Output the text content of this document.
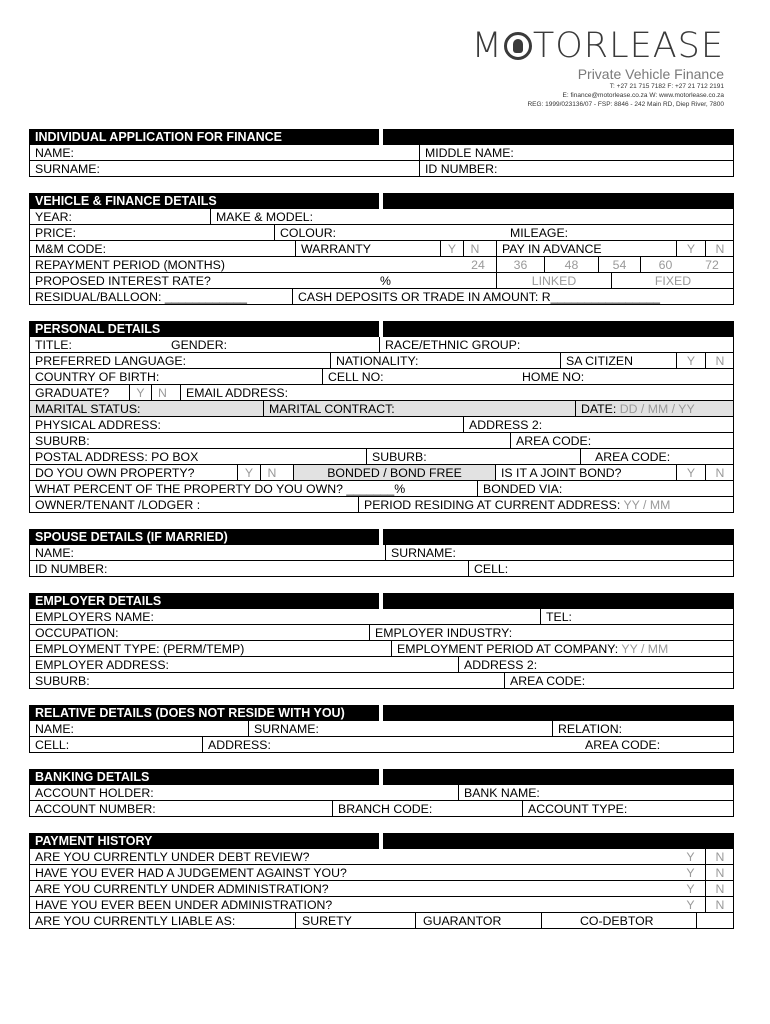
M TORLEASE
Private Vehicle Finance
T: +27 21 715 7182 F: +27 21 712 2191
E: finance@motorlease.co.za W: www.motorlease.co.za
REG: 1999/023136/07 - FSP: 8846 - 242 Main RD, Diep River, 7800
INDIVIDUAL APPLICATION FOR FINANCE
NAME:	MIDDLE NAME:
SURNAME:	ID NUMBER:
VEHICLE & FINANCE DETAILS
YEAR:	MAKE & MODEL:
PRICE:	COLOUR:	MILEAGE:
M&M CODE:	WARRANTY	Y	N	PAY IN ADVANCE	Y	N
REPAYMENT PERIOD (MONTHS)	24	36	48	54	60	72
PROPOSED INTEREST RATE?	%	LINKED	FIXED
RESIDUAL/BALLOON: ____________	CASH DEPOSITS OR TRADE IN AMOUNT: R________________
PERSONAL DETAILS
TITLE:	GENDER:	RACE/ETHNIC GROUP:
PREFERRED LANGUAGE:	NATIONALITY:	SA CITIZEN	Y	N
COUNTRY OF BIRTH:	CELL NO:	HOME NO:
GRADUATE?	Y	N	EMAIL ADDRESS:
MARITAL STATUS:	MARITAL CONTRACT:	DATE: DD / MM / YY
PHYSICAL ADDRESS:	ADDRESS 2:
SUBURB:	AREA CODE:
POSTAL ADDRESS: PO BOX	SUBURB:	AREA CODE:
DO YOU OWN PROPERTY?	Y	N	BONDED / BOND FREE	IS IT A JOINT BOND?	Y	N
WHAT PERCENT OF THE PROPERTY DO YOU OWN? _______%	BONDED VIA:
OWNER/TENANT /LODGER :	PERIOD RESIDING AT CURRENT ADDRESS: YY / MM
SPOUSE DETAILS (IF MARRIED)
NAME:	SURNAME:
ID NUMBER:	CELL:
EMPLOYER DETAILS
EMPLOYERS NAME:	TEL:
OCCUPATION:	EMPLOYER INDUSTRY:
EMPLOYMENT TYPE: (PERM/TEMP)	EMPLOYMENT PERIOD AT COMPANY: YY / MM
EMPLOYER ADDRESS:	ADDRESS 2:
SUBURB:	AREA CODE:
RELATIVE DETAILS (DOES NOT RESIDE WITH YOU)
NAME:	SURNAME:	RELATION:
CELL:	ADDRESS:	AREA CODE:
BANKING DETAILS
ACCOUNT HOLDER:	BANK NAME:
ACCOUNT NUMBER:	BRANCH CODE:	ACCOUNT TYPE:
PAYMENT HISTORY
ARE YOU CURRENTLY UNDER DEBT REVIEW?	Y	N
HAVE YOU EVER HAD A JUDGEMENT AGAINST YOU?	Y	N
ARE YOU CURRENTLY UNDER ADMINISTRATION?	Y	N
HAVE YOU EVER BEEN UNDER ADMINISTRATION?	Y	N
ARE YOU CURRENTLY LIABLE AS:	SURETY	GUARANTOR	CO-DEBTOR
